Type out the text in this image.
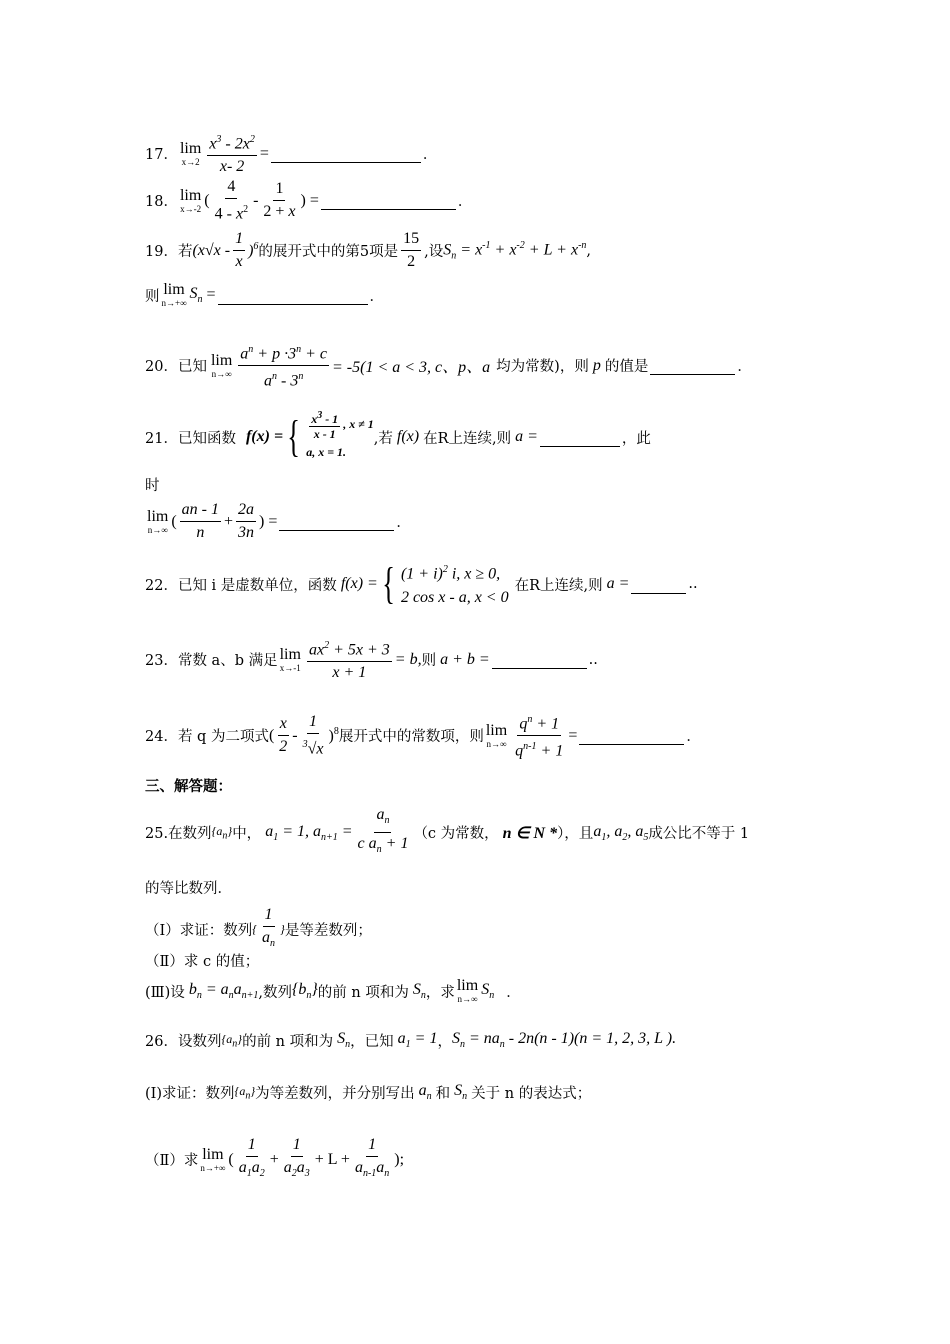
17． lim
$x\to 2 \frac{x^3 - 2x^2}{x- 2}$ =	．
18． lim
x→-2 ( $\frac{4}{4 - x^2} - \frac{1}{2 + x}$ ) =	．
19．若 $(x√x - \frac{1}{x} )^6$ 的展开式中的第5项是 $\frac{15}{2}$ ,设 $S_n = x^{-1} + x^{-2} + L + x^{-n}$ ,
则 lim
n→+∞
$S_n$ =	．
20．已知 lim
$n\to\infty \frac{a^n + p \cdot 3^n + c}{a^n - 3^n} = -5(1 < a < 3$, c、p、a 均为常数)，则 p 的值是	．
21．已知函数 f(x) = { $\frac{x^3 - 1}{x - 1}$ , x ≠ 1
a, x = 1.
,若 f(x) 在R上连续,则 a =	，此
时
lim
n→∞ ( $\frac{an - 1}{n} + \frac{2a}{3n}$ ) =	．
22．已知 i 是虚数单位，函数 f(x) = { $(1 + i)^2$ i, x ≥ 0,
2 cos x - a, x < 0
在R上连续,则 a =	..
23．常数 a、b 满足 lim
$x\to-1 \frac{ax^2 + 5x + 3}{x + 1} = b$, 则 a + b =	..
24．若 q 为二项式 ( $\frac{x}{2} - \frac{1}{^3√x} )^8$ 展开式中的常数项，则 lim
$n\to\infty \frac{q^n + 1}{q^{n-1} + 1}$ =	．
三、解答题：
25.在数列 $\{a_n\}$ 中， $a_1 = 1$, $a_{n+1} = \frac{a_n}{c a_n + 1} (c$ 为常数， n ∈ N * ），且 $a_1$, $a_2$, $a_5$ 成公比不等于 1
的等比数列．
（Ⅰ）求证：数列 { $\frac{1}{a_n}$ } 是等差数列；
（Ⅱ）求 c 的值；
(Ⅲ)设 $b_n = a_na_{n+1}$ ,数列 $\{b_n\}$ 的前 n 项和为 $S_n$ ，求 lim
n→∞
$S_n$ ．
26．设数列 $\{a_n\}$ 的前 n 项和为 $S_n$ ，已知 $a_1 = 1$ ， $S_n = na_n - 2n(n - 1)(n = 1$, 2, 3, L ).
(Ⅰ)求证：数列 $\{a_n\}$ 为等差数列，并分别写出 $a_n$ 和 $S_n$ 关于 n 的表达式；
（Ⅱ）求 lim
n→+∞ ( $\frac{1}{a_1a_2} + \frac{1}{a_2a_3} + L + \frac{1}{a_{n-1}a_n}$ );
